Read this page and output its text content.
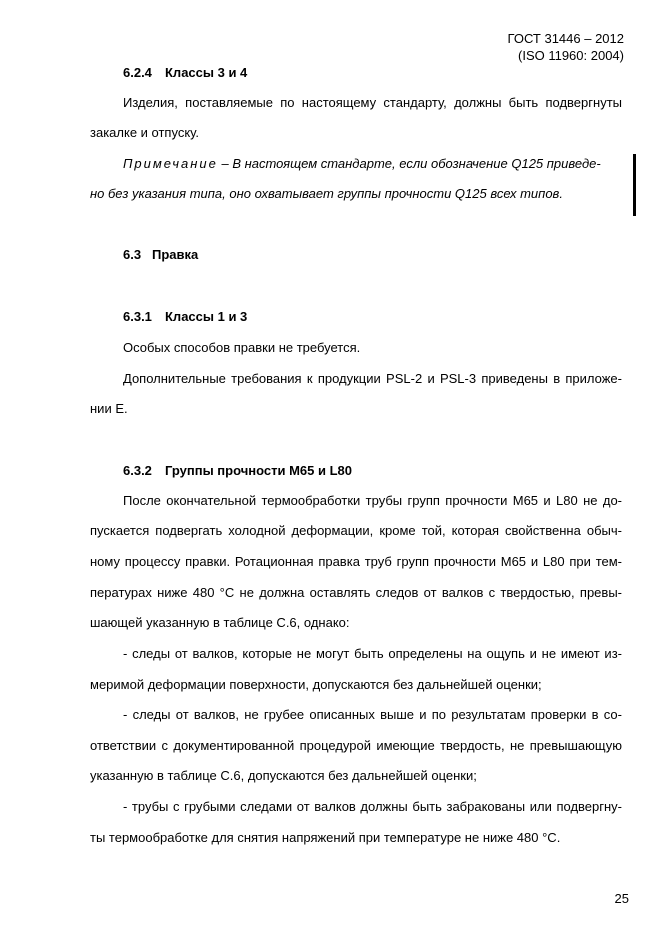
ГОСТ 31446 – 2012
(ISO 11960: 2004)
6.2.4 Классы 3 и 4
Изделия, поставляемые по настоящему стандарту, должны быть подвергнуты
закалке и отпуску.
Примечание – В настоящем стандарте, если обозначение Q125 приведе-
но без указания типа, оно охватывает группы прочности Q125 всех типов.
6.3 Правка
6.3.1 Классы 1 и 3
Особых способов правки не требуется.
Дополнительные требования к продукции PSL-2 и PSL-3 приведены в приложе-
нии Е.
6.3.2 Группы прочности М65 и L80
После окончательной термообработки трубы групп прочности М65 и L80 не до-
пускается подвергать холодной деформации, кроме той, которая свойственна обыч-
ному процессу правки. Ротационная правка труб групп прочности М65 и L80 при тем-
пературах ниже 480 °С не должна оставлять следов от валков с твердостью, превы-
шающей указанную в таблице С.6, однако:
- следы от валков, которые не могут быть определены на ощупь и не имеют из-
меримой деформации поверхности, допускаются без дальнейшей оценки;
- следы от валков, не грубее описанных выше и по результатам проверки в со-
ответствии с документированной процедурой имеющие твердость, не превышающую
указанную в таблице С.6, допускаются без дальнейшей оценки;
- трубы с грубыми следами от валков должны быть забракованы или подвергну-
ты термообработке для снятия напряжений при температуре не ниже 480 °С.
25
